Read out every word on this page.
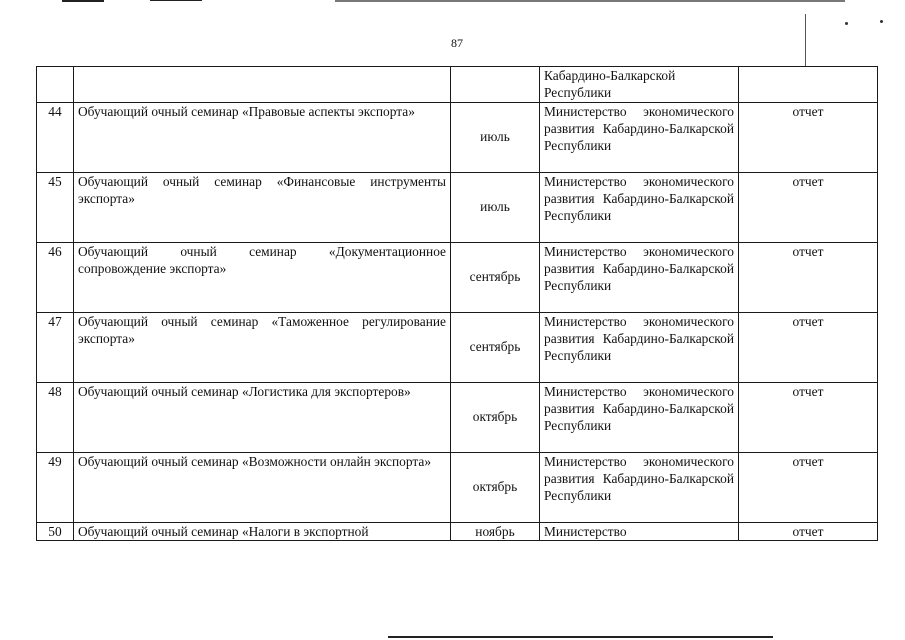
87
			Кабардино-Балкарской Республики	
44	Обучающий очный семинар «Правовые аспекты экспорта»	июль	Министерство экономического развития Кабардино-Балкарской Республики	отчет
45	Обучающий очный семинар «Финансовые инструменты экспорта»	июль	Министерство экономического развития Кабардино-Балкарской Республики	отчет
46	Обучающий очный семинар «Документационное сопровождение экспорта»	сентябрь	Министерство экономического развития Кабардино-Балкарской Республики	отчет
47	Обучающий очный семинар «Таможенное регулирование экспорта»	сентябрь	Министерство экономического развития Кабардино-Балкарской Республики	отчет
48	Обучающий очный семинар «Логистика для экспортеров»	октябрь	Министерство экономического развития Кабардино-Балкарской Республики	отчет
49	Обучающий очный семинар «Возможности онлайн экспорта»	октябрь	Министерство экономического развития Кабардино-Балкарской Республики	отчет
50	Обучающий очный семинар «Налоги в экспортной	ноябрь	Министерство	отчет
